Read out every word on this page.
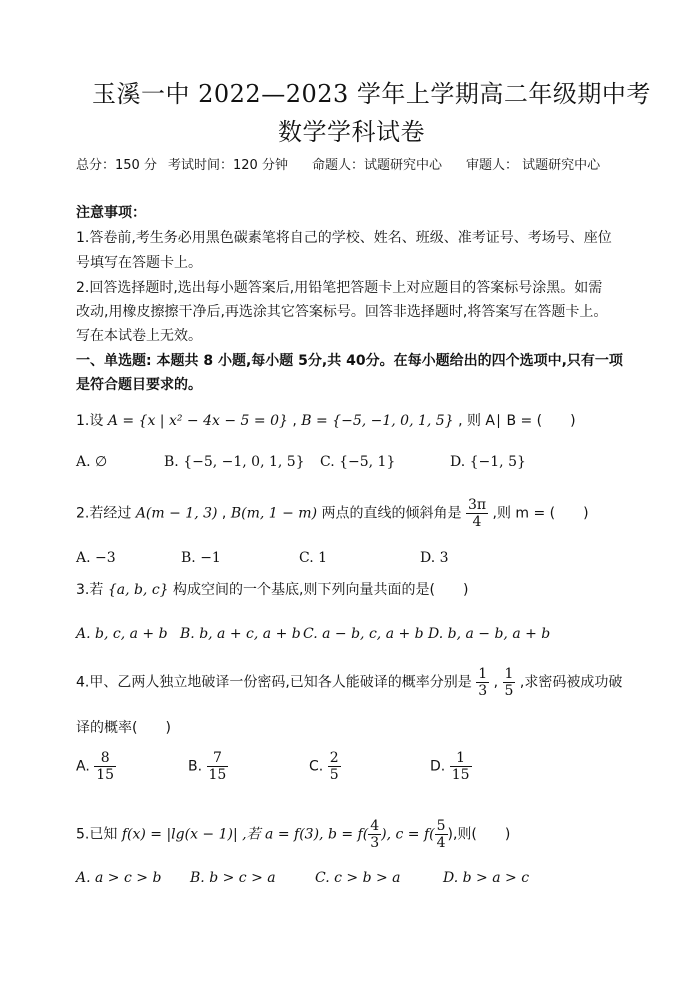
玉溪一中 2022—2023 学年上学期高二年级期中考
数学学科试卷
总分：150 分 考试时间：120 分钟 命题人：试题研究中心 审题人： 试题研究中心
注意事项：
1.答卷前,考生务必用黑色碳素笔将自己的学校、姓名、班级、准考证号、考场号、座位
号填写在答题卡上。
2.回答选择题时,选出每小题答案后,用铅笔把答题卡上对应题目的答案标号涂黑。如需
改动,用橡皮擦擦干净后,再选涂其它答案标号。回答非选择题时,将答案写在答题卡上。
写在本试卷上无效。
一、单选题: 本题共 8 小题,每小题 5分,共 40分。在每小题给出的四个选项中,只有一项
是符合题目要求的。
1.设 A = {x | x² − 4x − 5 = 0} , B = {−5, −1, 0, 1, 5} , 则 A∣ B = (　　)
A. ∅	B. {−5, −1, 0, 1, 5} C. {−5, 1}	D. {−1, 5}
2.若经过 A(m − 1, 3) , B(m, 1 − m) 两点的直线的倾斜角是 $\frac{3\pi}{4}$ ,则 m = (　　)
A. −3	B. −1	C. 1	D. 3
3.若 {a, b, c} 构成空间的一个基底,则下列向量共面的是(　　)
A. b, c, a + b B. b, a + c, a + b C. a − b, c, a + b D. b, a − b, a + b
4.甲、乙两人独立地破译一份密码,已知各人能破译的概率分别是 $\frac{1}{3}$ , $\frac{1}{5}$ ,求密码被成功破
译的概率(　　)
A. $\frac{8}{15}$	B. $\frac{7}{15}$	C. $\frac{2}{5}$	D. $\frac{1}{15}$
5.已知 f(x) = |lg(x − 1)| ,若 a = f(3), $b = f( \frac{4}{3}$ ), $c = f( \frac{5}{4}$ ),则(　　)
A. a > c > b B. b > c > a	C. c > b > a	D. b > a > c
